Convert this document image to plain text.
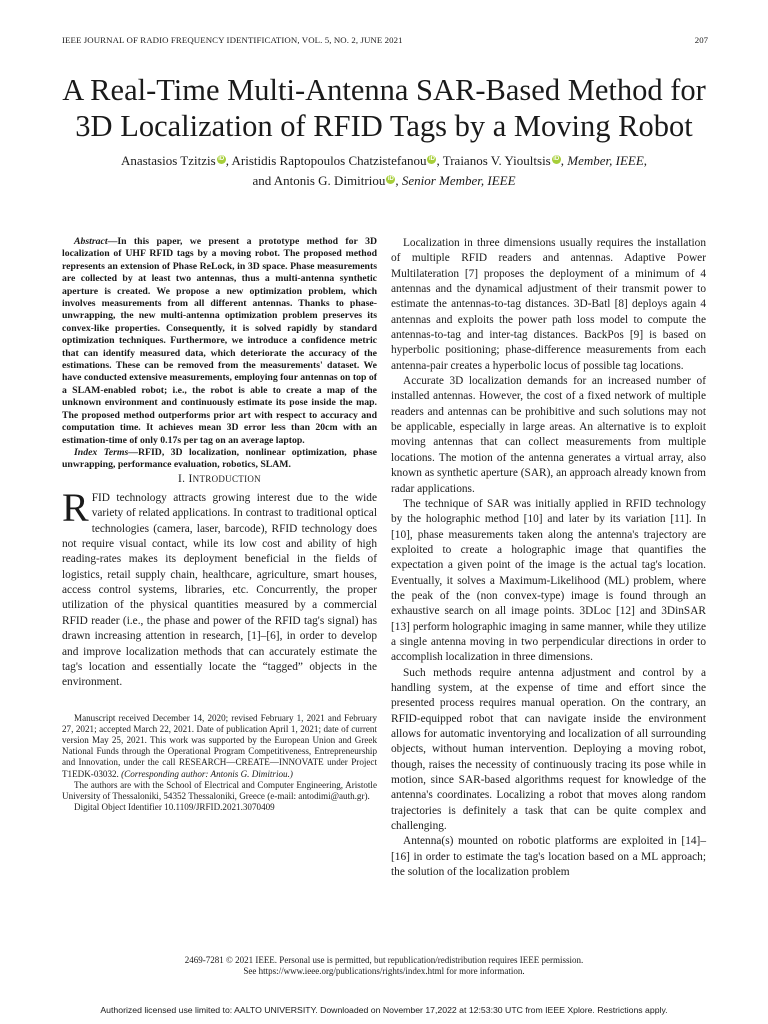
IEEE JOURNAL OF RADIO FREQUENCY IDENTIFICATION, VOL. 5, NO. 2, JUNE 2021	207
A Real-Time Multi-Antenna SAR-Based Method for
3D Localization of RFID Tags by a Moving Robot
Anastasios Tzitzis iD , Aristidis Raptopoulos Chatzistefanou iD , Traianos V. Yioultsis iD , Member, IEEE,
and Antonis G. Dimitriou iD , Senior Member, IEEE

Abstract—In this paper, we present a prototype method for 3D localization of UHF RFID tags by a moving robot. The proposed method represents an extension of Phase ReLock, in 3D space. Phase measurements are collected by at least two antennas, thus a multi-antenna synthetic aperture is created. We propose a new optimization problem, which involves measurements from all different antennas. Thanks to phase-unwrapping, the new multi-antenna optimization problem preserves its convex-like properties. Consequently, it is solved rapidly by standard optimization techniques. Furthermore, we introduce a confidence metric that can identify measured data, which deteriorate the accuracy of the estimations. These can be removed from the measurements' dataset. We have conducted extensive measurements, employing four antennas on top of a SLAM-enabled robot; i.e., the robot is able to create a map of the unknown environment and continuously estimate its pose inside the map. The proposed method outperforms prior art with respect to accuracy and computation time. It achieves mean 3D error less than 20cm with an estimation-time of only 0.17s per tag on an average laptop.

Index Terms—RFID, 3D localization, nonlinear optimization, phase unwrapping, performance evaluation, robotics, SLAM.

I. INTRODUCTION

RFID technology attracts growing interest due to the wide variety of related applications. In contrast to traditional optical technologies (camera, laser, barcode), RFID technology does not require visual contact, while its low cost and ability of high reading-rates makes its deployment beneficial in the fields of logistics, retail supply chain, healthcare, agriculture, smart houses, access control systems, libraries, etc. Concurrently, the proper utilization of the physical quantities measured by a commercial RFID reader (i.e., the phase and power of the RFID tag's signal) has drawn increasing attention in research, [1]–[6], in order to develop and improve localization methods that can accurately estimate the tag's location and essentially locate the “tagged” objects in the environment.

Manuscript received December 14, 2020; revised February 1, 2021 and February 27, 2021; accepted March 22, 2021. Date of publication April 1, 2021; date of current version May 25, 2021. This work was supported by the European Union and Greek National Funds through the Operational Program Competitiveness, Entrepreneurship and Innovation, under the call RESEARCH—CREATE—INNOVATE under Project T1EDK-03032. (Corresponding author: Antonis G. Dimitriou.)

The authors are with the School of Electrical and Computer Engineering, Aristotle University of Thessaloniki, 54352 Thessaloniki, Greece (e-mail: antodimi@auth.gr).

Digital Object Identifier 10.1109/JRFID.2021.3070409

Localization in three dimensions usually requires the installation of multiple RFID readers and antennas. Adaptive Power Multilateration [7] proposes the deployment of a minimum of 4 antennas and the dynamical adjustment of their transmit power to estimate the antennas-to-tag distances. 3D-Batl [8] deploys again 4 antennas and exploits the power path loss model to compute the antennas-to-tag and inter-tag distances. BackPos [9] is based on hyperbolic positioning; phase-difference measurements from each antenna-pair creates a hyperbolic locus of possible tag locations.

Accurate 3D localization demands for an increased number of installed antennas. However, the cost of a fixed network of multiple readers and antennas can be prohibitive and such solutions may not be applicable, especially in large areas. An alternative is to exploit moving antennas that can collect measurements from multiple locations. The motion of the antenna generates a virtual array, also known as synthetic aperture (SAR), an approach already known from radar applications.

The technique of SAR was initially applied in RFID technology by the holographic method [10] and later by its variation [11]. In [10], phase measurements taken along the antenna's trajectory are exploited to create a holographic image that quantifies the expectation a given point of the image is the actual tag's location. Eventually, it solves a Maximum-Likelihood (ML) problem, where the peak of the (non convex-type) image is found through an exhaustive search on all image points. 3DLoc [12] and 3DinSAR [13] perform holographic imaging in same manner, while they utilize a single antenna moving in two perpendicular directions in order to accomplish localization in three dimensions.

Such methods require antenna adjustment and control by a handling system, at the expense of time and effort since the presented process requires manual operation. On the contrary, an RFID-equipped robot that can navigate inside the environment allows for automatic inventorying and localization of all surrounding objects, without human intervention. Deploying a moving robot, though, raises the necessity of continuously tracing its pose while in motion, since SAR-based algorithms request for knowledge of the antenna's coordinates. Localizing a robot that moves along random trajectories is definitely a task that can be quite complex and challenging.

Antenna(s) mounted on robotic platforms are exploited in [14]–[16] in order to estimate the tag's location based on a ML approach; the solution of the localization problem

2469-7281 © 2021 IEEE. Personal use is permitted, but republication/redistribution requires IEEE permission.
See https://www.ieee.org/publications/rights/index.html for more information.
Authorized licensed use limited to: AALTO UNIVERSITY. Downloaded on November 17,2022 at 12:53:30 UTC from IEEE Xplore. Restrictions apply.
